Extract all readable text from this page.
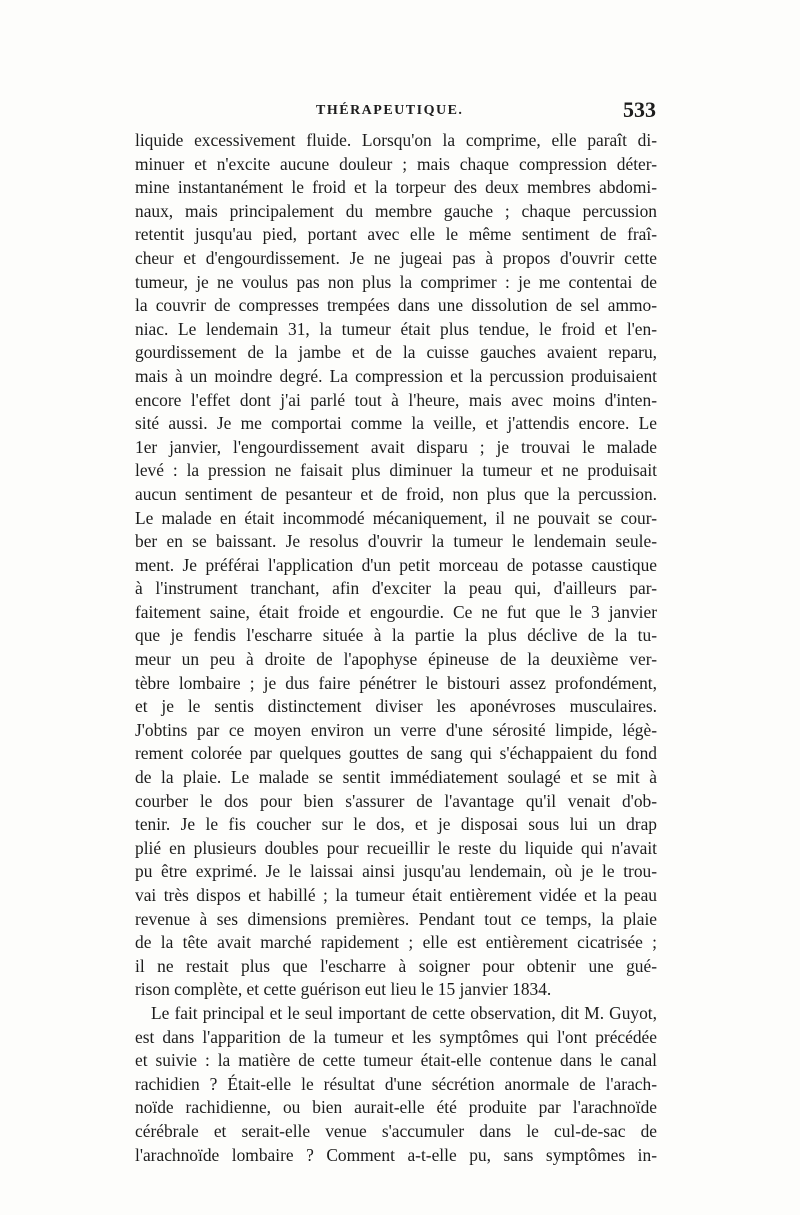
THÉRAPEUTIQUE.	533
liquide excessivement fluide. Lorsqu'on la comprime, elle paraît di-
minuer et n'excite aucune douleur ; mais chaque compression déter-
mine instantanément le froid et la torpeur des deux membres abdomi-
naux, mais principalement du membre gauche ; chaque percussion
retentit jusqu'au pied, portant avec elle le même sentiment de fraî-
cheur et d'engourdissement. Je ne jugeai pas à propos d'ouvrir cette
tumeur, je ne voulus pas non plus la comprimer : je me contentai de
la couvrir de compresses trempées dans une dissolution de sel ammo-
niac. Le lendemain 31, la tumeur était plus tendue, le froid et l'en-
gourdissement de la jambe et de la cuisse gauches avaient reparu,
mais à un moindre degré. La compression et la percussion produisaient
encore l'effet dont j'ai parlé tout à l'heure, mais avec moins d'inten-
sité aussi. Je me comportai comme la veille, et j'attendis encore. Le
1er janvier, l'engourdissement avait disparu ; je trouvai le malade
levé : la pression ne faisait plus diminuer la tumeur et ne produisait
aucun sentiment de pesanteur et de froid, non plus que la percussion.
Le malade en était incommodé mécaniquement, il ne pouvait se cour-
ber en se baissant. Je resolus d'ouvrir la tumeur le lendemain seule-
ment. Je préférai l'application d'un petit morceau de potasse caustique
à l'instrument tranchant, afin d'exciter la peau qui, d'ailleurs par-
faitement saine, était froide et engourdie. Ce ne fut que le 3 janvier
que je fendis l'escharre située à la partie la plus déclive de la tu-
meur un peu à droite de l'apophyse épineuse de la deuxième ver-
tèbre lombaire ; je dus faire pénétrer le bistouri assez profondément,
et je le sentis distinctement diviser les aponévroses musculaires.
J'obtins par ce moyen environ un verre d'une sérosité limpide, légè-
rement colorée par quelques gouttes de sang qui s'échappaient du fond
de la plaie. Le malade se sentit immédiatement soulagé et se mit à
courber le dos pour bien s'assurer de l'avantage qu'il venait d'ob-
tenir. Je le fis coucher sur le dos, et je disposai sous lui un drap
plié en plusieurs doubles pour recueillir le reste du liquide qui n'avait
pu être exprimé. Je le laissai ainsi jusqu'au lendemain, où je le trou-
vai très dispos et habillé ; la tumeur était entièrement vidée et la peau
revenue à ses dimensions premières. Pendant tout ce temps, la plaie
de la tête avait marché rapidement ; elle est entièrement cicatrisée ;
il ne restait plus que l'escharre à soigner pour obtenir une gué-
rison complète, et cette guérison eut lieu le 15 janvier 1834.
Le fait principal et le seul important de cette observation, dit M. Guyot,
est dans l'apparition de la tumeur et les symptômes qui l'ont précédée
et suivie : la matière de cette tumeur était-elle contenue dans le canal
rachidien ? Était-elle le résultat d'une sécrétion anormale de l'arach-
noïde rachidienne, ou bien aurait-elle été produite par l'arachnoïde
cérébrale et serait-elle venue s'accumuler dans le cul-de-sac de
l'arachnoïde lombaire ? Comment a-t-elle pu, sans symptômes in-
